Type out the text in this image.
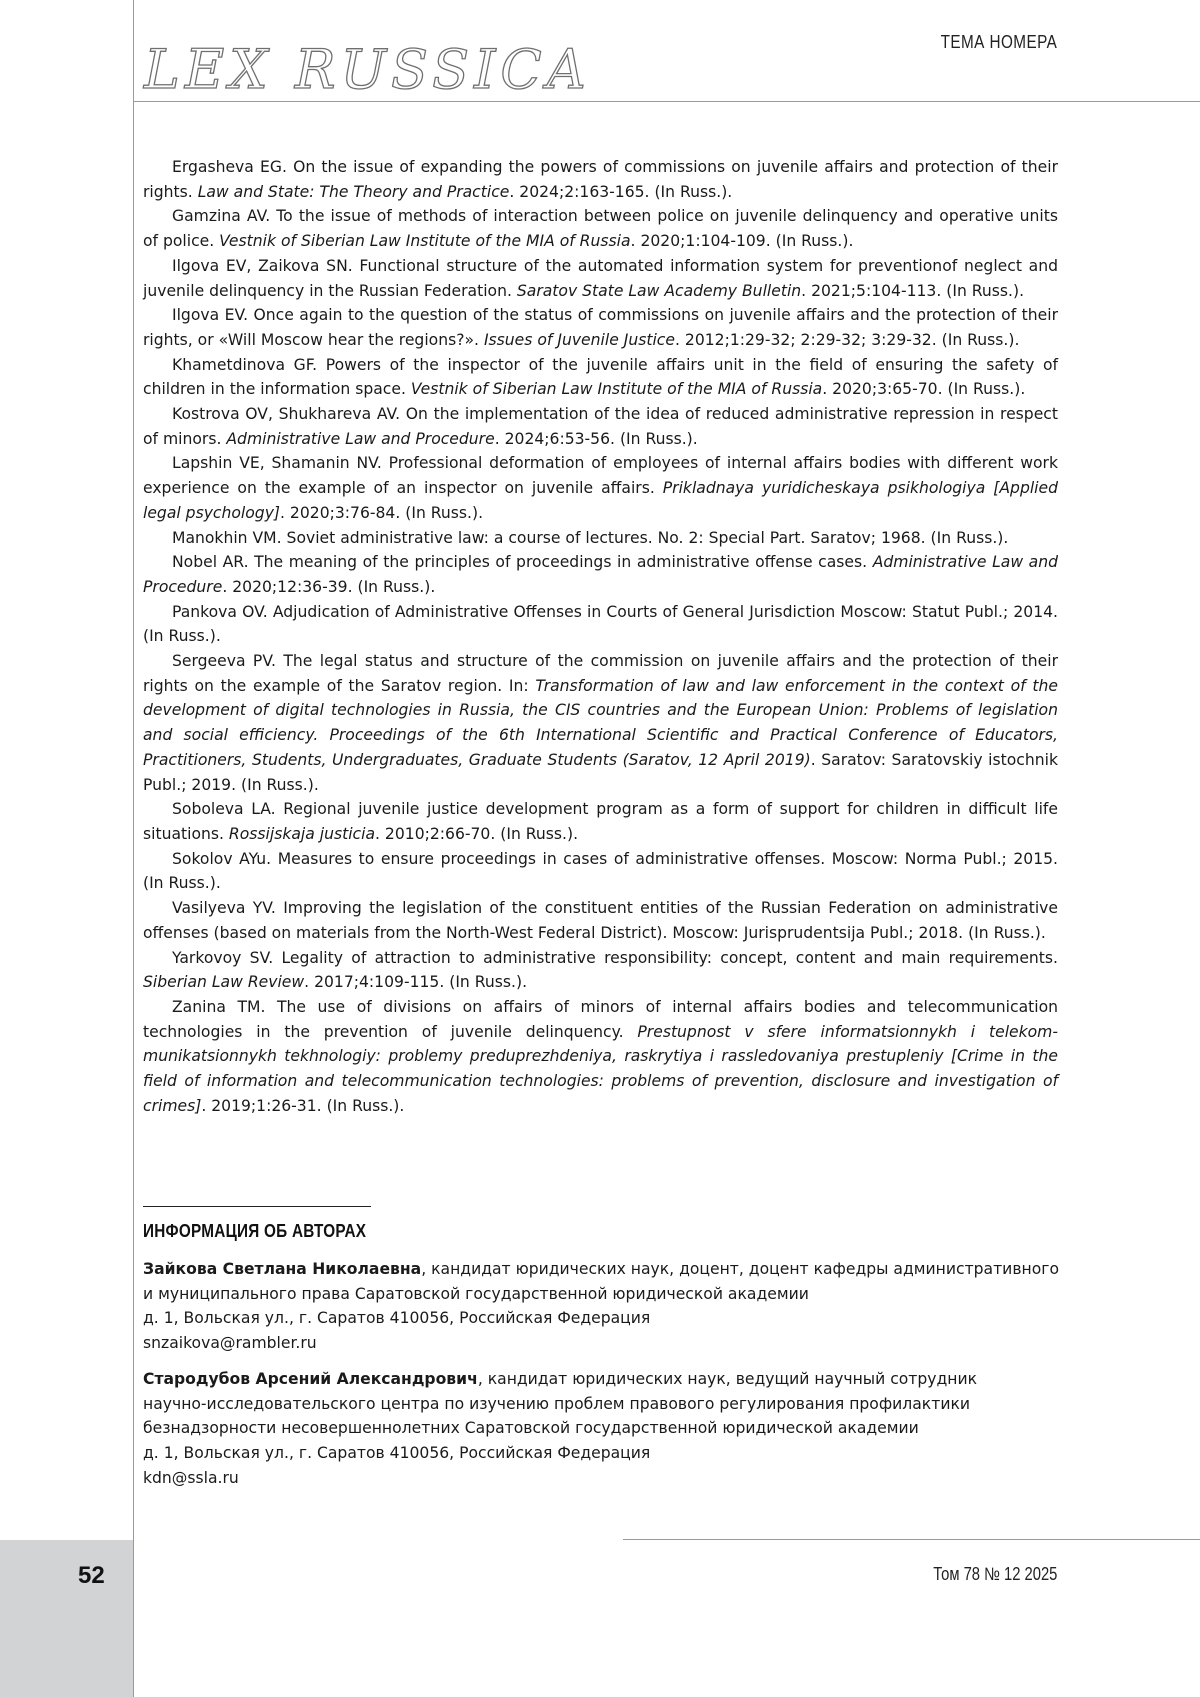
52
LEX RUSSICA	ТЕМА НОМЕРА
Ergasheva EG. On the issue of expanding the powers of commissions on juvenile affairs and protection of their rights. Law and State: The Theory and Practice. 2024;2:163-165. (In Russ.).
Gamzina AV. To the issue of methods of interaction between police on juvenile delinquency and operative units of police. Vestnik of Siberian Law Institute of the MIA of Russia. 2020;1:104-109. (In Russ.).
Ilgova EV, Zaikova SN. Functional structure of the automated information system for preventionof neglect and juvenile delinquency in the Russian Federation. Saratov State Law Academy Bulletin. 2021;5:104-113. (In Russ.).
Ilgova EV. Once again to the question of the status of commissions on juvenile affairs and the protection of their rights, or «Will Moscow hear the regions?». Issues of Juvenile Justice. 2012;1:29-32; 2:29-32; 3:29-32. (In Russ.).
Khametdinova GF. Powers of the inspector of the juvenile affairs unit in the field of ensuring the safety of children in the information space. Vestnik of Siberian Law Institute of the MIA of Russia. 2020;3:65-70. (In Russ.).
Kostrova OV, Shukhareva AV. On the implementation of the idea of reduced administrative repression in respect of minors. Administrative Law and Procedure. 2024;6:53-56. (In Russ.).
Lapshin VE, Shamanin NV. Professional deformation of employees of internal affairs bodies with different work experience on the example of an inspector on juvenile affairs. Prikladnaya yuridicheskaya psikhologiya [Applied legal psychology]. 2020;3:76-84. (In Russ.).
Manokhin VM. Soviet administrative law: a course of lectures. No. 2: Special Part. Saratov; 1968. (In Russ.).
Nobel AR. The meaning of the principles of proceedings in administrative offense cases. Administrative Law and Procedure. 2020;12:36-39. (In Russ.).
Pankova OV. Adjudication of Administrative Offenses in Courts of General Jurisdiction Moscow: Statut Publ.; 2014. (In Russ.).
Sergeeva PV. The legal status and structure of the commission on juvenile affairs and the protection of their rights on the example of the Saratov region. In: Transformation of law and law enforcement in the context of the development of digital technologies in Russia, the CIS countries and the European Union: Problems of legislation and social efficiency. Proceedings of the 6th International Scientific and Practical Conference of Educators, Practitioners, Students, Undergraduates, Graduate Students (Saratov, 12 April 2019). Saratov: Saratovskiy istochnik Publ.; 2019. (In Russ.).
Soboleva LA. Regional juvenile justice development program as a form of support for children in difficult life situations. Rossijskaja justicia. 2010;2:66-70. (In Russ.).
Sokolov AYu. Measures to ensure proceedings in cases of administrative offenses. Moscow: Norma Publ.; 2015. (In Russ.).
Vasilyeva YV. Improving the legislation of the constituent entities of the Russian Federation on administrative offenses (based on materials from the North-West Federal District). Moscow: Jurisprudentsija Publ.; 2018. (In Russ.).
Yarkovoy SV. Legality of attraction to administrative responsibility: concept, content and main requirements. Siberian Law Review. 2017;4:109-115. (In Russ.).
Zanina TM. The use of divisions on affairs of minors of internal affairs bodies and telecommunication technologies in the prevention of juvenile delinquency. Prestupnost v sfere informatsionnykh i telekom-munikatsionnykh tekhnologiy: problemy preduprezhdeniya, raskrytiya i rassledovaniya prestupleniy [Crime in the field of information and telecommunication technologies: problems of prevention, disclosure and investigation of crimes]. 2019;1:26-31. (In Russ.).
ИНФОРМАЦИЯ ОБ АВТОРАХ
Зайкова Светлана Николаевна, кандидат юридических наук, доцент, доцент кафедры административного
и муниципального права Саратовской государственной юридической академии
д. 1, Вольская ул., г. Саратов 410056, Российская Федерация
snzaikova@rambler.ru
Стародубов Арсений Александрович, кандидат юридических наук, ведущий научный сотрудник
научно-исследовательского центра по изучению проблем правового регулирования профилактики
безнадзорности несовершеннолетних Саратовской государственной юридической академии
д. 1, Вольская ул., г. Саратов 410056, Российская Федерация
kdn@ssla.ru
Том 78 № 12 2025
